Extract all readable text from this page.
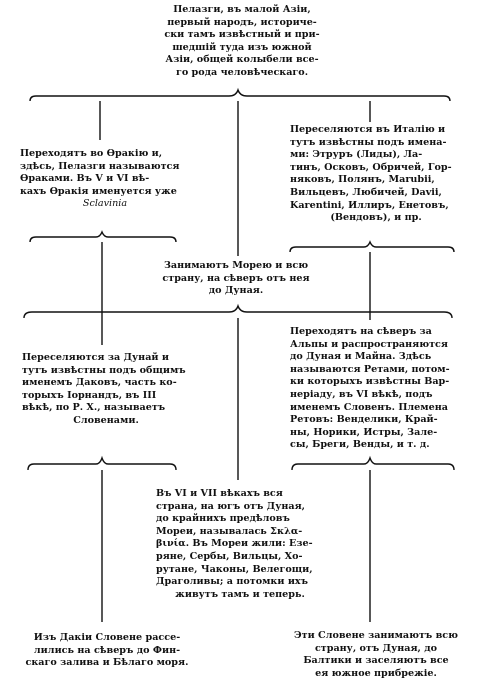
Пелазги, въ малой Азіи,
первый народъ, историче-
ски тамъ извѣстный и при-
шедшій туда изъ южной
Азіи, общей колыбели все-
го рода человѣческаго.
Переходятъ во Ѳракію и,
здѣсь, Пелазги называются
Ѳраками. Въ V и VI вѣ-
кахъ Ѳракія именуется уже
Sclavinia
Переселяются въ Италію и
тутъ извѣстны подъ имена-
ми: Этруръ (Лиды), Ла-
тинъ, Осковъ, Обричей, Гор-
няковъ, Полянъ, Marubii,
Вильцевъ, Любичей, Davii,
Karentini, Иллиръ, Енетовъ,
(Вендовъ), и пр.
Занимаютъ Морею и всю
страну, на сѣверъ отъ нея
до Дуная.
Переселяются за Дунай и
тутъ извѣстны подъ общимъ
именемъ Даковъ, часть ко-
торыхъ Іорнандъ, въ III
вѣкѣ, по Р. Х., называетъ
Словенами.
Переходятъ на сѣверъ за
Альпы и распространяются
до Дуная и Майна. Здѣсь
называются Ретами, потом-
ки которыхъ извѣстны Вар-
неріаду, въ VI вѣкѣ, подъ
именемъ Словенъ. Племена
Ретовъ: Венделики, Край-
ны, Норики, Истры, Зале-
сы, Бреги, Венды, и т. д.
Въ VI и VII вѣкахъ вся
страна, на югъ отъ Дуная,
до крайнихъ предѣловъ
Мореи, называлась Σκλα-
βινία. Въ Мореи жили: Езе-
ряне, Сербы, Вильцы, Хо-
рутане, Чаконы, Велегощи,
Драголивы; а потомки ихъ
живутъ тамъ и теперь.
Изъ Дакіи Словене рассе-
лились на сѣверъ до Фин-
скаго залива и Бѣлаго моря.
Эти Словене занимаютъ всю
страну, отъ Дуная, до
Балтики и заселяютъ все
ея южное прибрежіе.
